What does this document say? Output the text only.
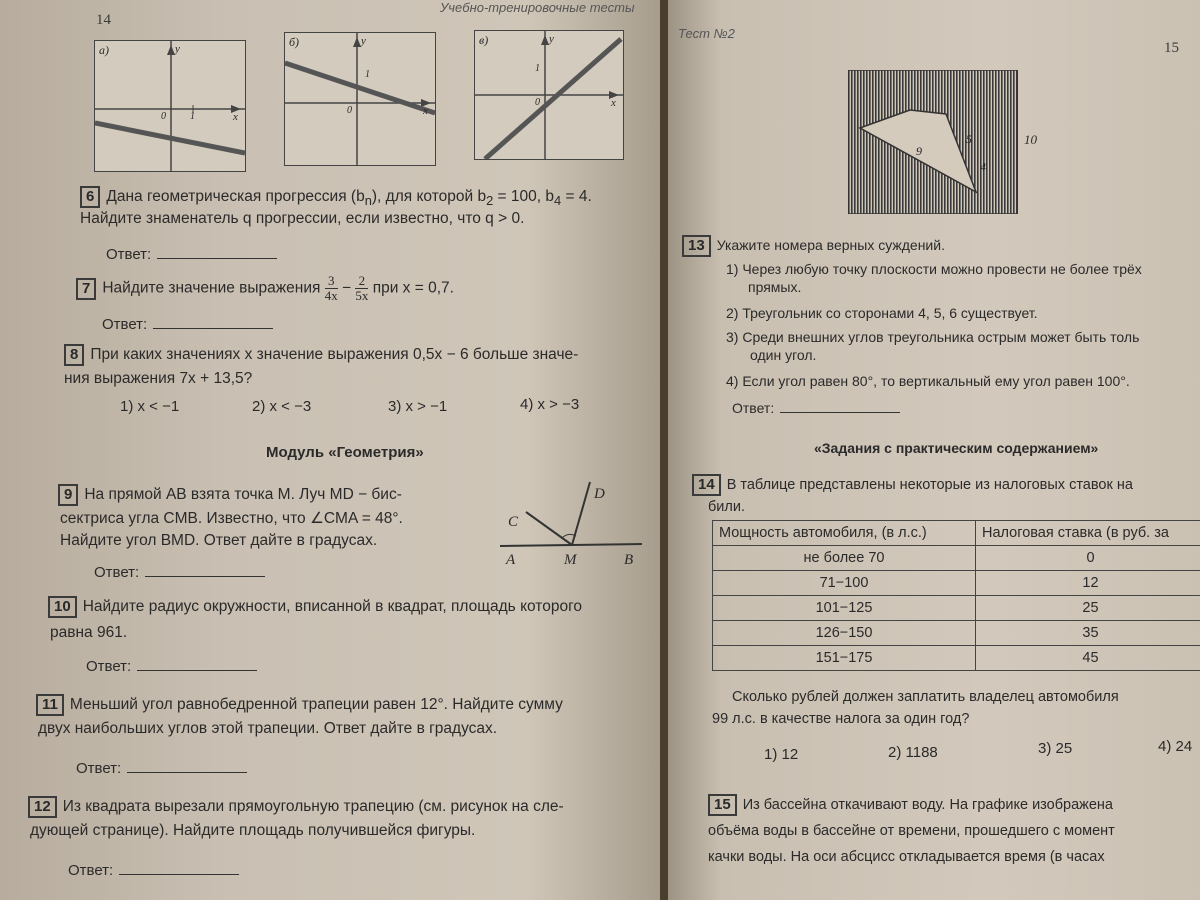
14
Учебно-тренировочные тесты
а)	y
x
0 1
б)	y
x
0
1
в)	y
x
0
1
6 Дана геометрическая прогрессия $(b_n)$, для которой $b_2 = 100$, $b_4 = 4$.
Найдите знаменатель q прогрессии, если известно, что q > 0.
Ответ:
7 Найдите значение выражения $\frac{3}{4x} - \frac{2}{5x}$ при x = 0,7.
Ответ:
8 При каких значениях x значение выражения 0,5x − 6 больше значе-
ния выражения 7x + 13,5?
1) x < −1	2) x < −3	3) x > −1	4) x > −3
Модуль «Геометрия»
9 На прямой AB взята точка M. Луч MD − бис-
сектриса угла CMB. Известно, что ∠CMA = 48°.
Найдите угол BMD. Ответ дайте в градусах.
Ответ:
C
D
A	M	B
10 Найдите радиус окружности, вписанной в квадрат, площадь которого
равна 961.
Ответ:
11 Меньший угол равнобедренной трапеции равен 12°. Найдите сумму
двух наибольших углов этой трапеции. Ответ дайте в градусах.
Ответ:
12 Из квадрата вырезали прямоугольную трапецию (см. рисунок на сле-
дующей странице). Найдите площадь получившейся фигуры.
Ответ:
Тест №2
15
9
5
4
10
13 Укажите номера верных суждений.
1) Через любую точку плоскости можно провести не более трёх
прямых.
2) Треугольник со сторонами 4, 5, 6 существует.
3) Среди внешних углов треугольника острым может быть толь
один угол.
4) Если угол равен 80°, то вертикальный ему угол равен 100°.
Ответ:
«Задания с практическим содержанием»
14 В таблице представлены некоторые из налоговых ставок на
били.
Мощность автомобиля, (в л.с.)	Налоговая ставка (в руб. за
не более 70	0
71−100	12
101−125	25
126−150	35
151−175	45
Сколько рублей должен заплатить владелец автомобиля
99 л.с. в качестве налога за один год?
1) 12	2) 1188	3) 25	4) 24
15 Из бассейна откачивают воду. На графике изображена
объёма воды в бассейне от времени, прошедшего с момент
качки воды. На оси абсцисс откладывается время (в часах
